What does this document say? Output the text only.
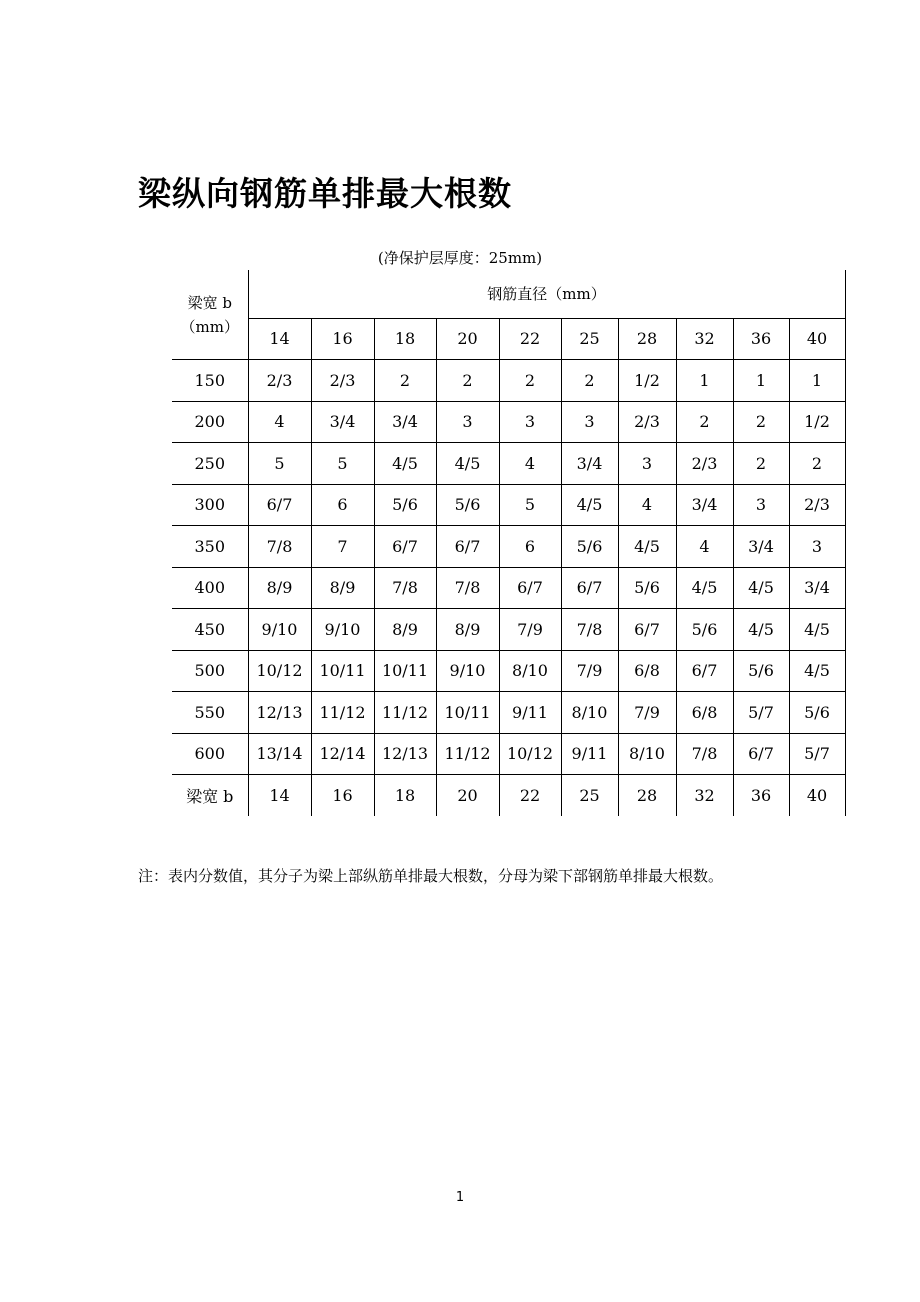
梁纵向钢筋单排最大根数
(净保护层厚度：25mm)
梁宽 b
（mm）	钢筋直径（mm）									
	14	16	18	20	22	25	28	32	36	40
150	2/3	2/3	2	2	2	2	1/2	1	1	1
200	4	3/4	3/4	3	3	3	2/3	2	2	1/2
250	5	5	4/5	4/5	4	3/4	3	2/3	2	2
300	6/7	6	5/6	5/6	5	4/5	4	3/4	3	2/3
350	7/8	7	6/7	6/7	6	5/6	4/5	4	3/4	3
400	8/9	8/9	7/8	7/8	6/7	6/7	5/6	4/5	4/5	3/4
450	9/10	9/10	8/9	8/9	7/9	7/8	6/7	5/6	4/5	4/5
500	10/12	10/11	10/11	9/10	8/10	7/9	6/8	6/7	5/6	4/5
550	12/13	11/12	11/12	10/11	9/11	8/10	7/9	6/8	5/7	5/6
600	13/14	12/14	12/13	11/12	10/12	9/11	8/10	7/8	6/7	5/7
梁宽 b	14	16	18	20	22	25	28	32	36	40
注：表内分数值，其分子为梁上部纵筋单排最大根数，分母为梁下部钢筋单排最大根数。
1
